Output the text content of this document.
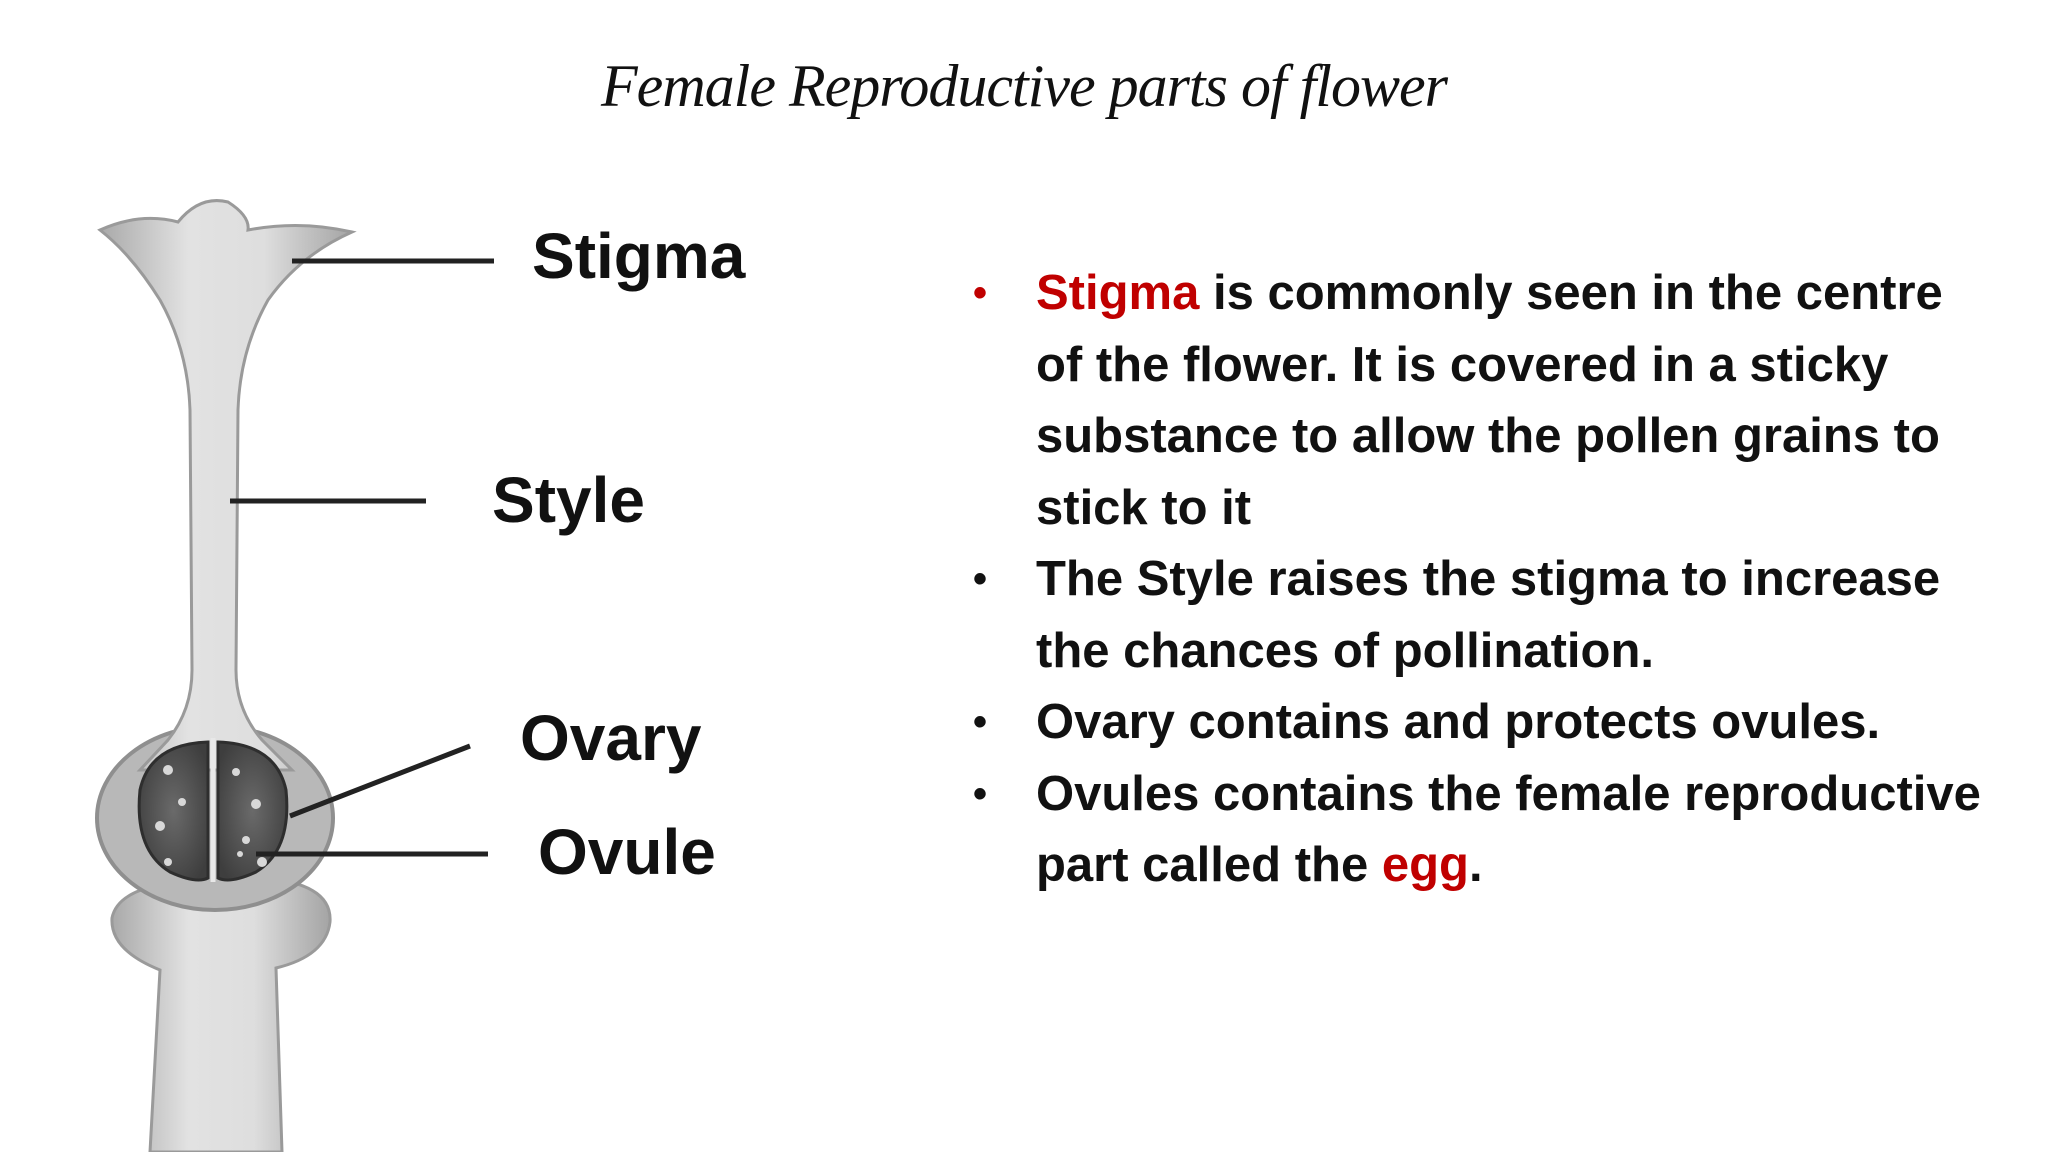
Female Reproductive parts of flower
Stigma
Style
Ovary
Ovule
• Stigma is commonly seen in the centre of the flower. It is covered in a sticky substance to allow the pollen grains to stick to it
• The Style raises the stigma to increase the chances of pollination.
• Ovary contains and protects ovules.
• Ovules contains the female reproductive part called the egg.
